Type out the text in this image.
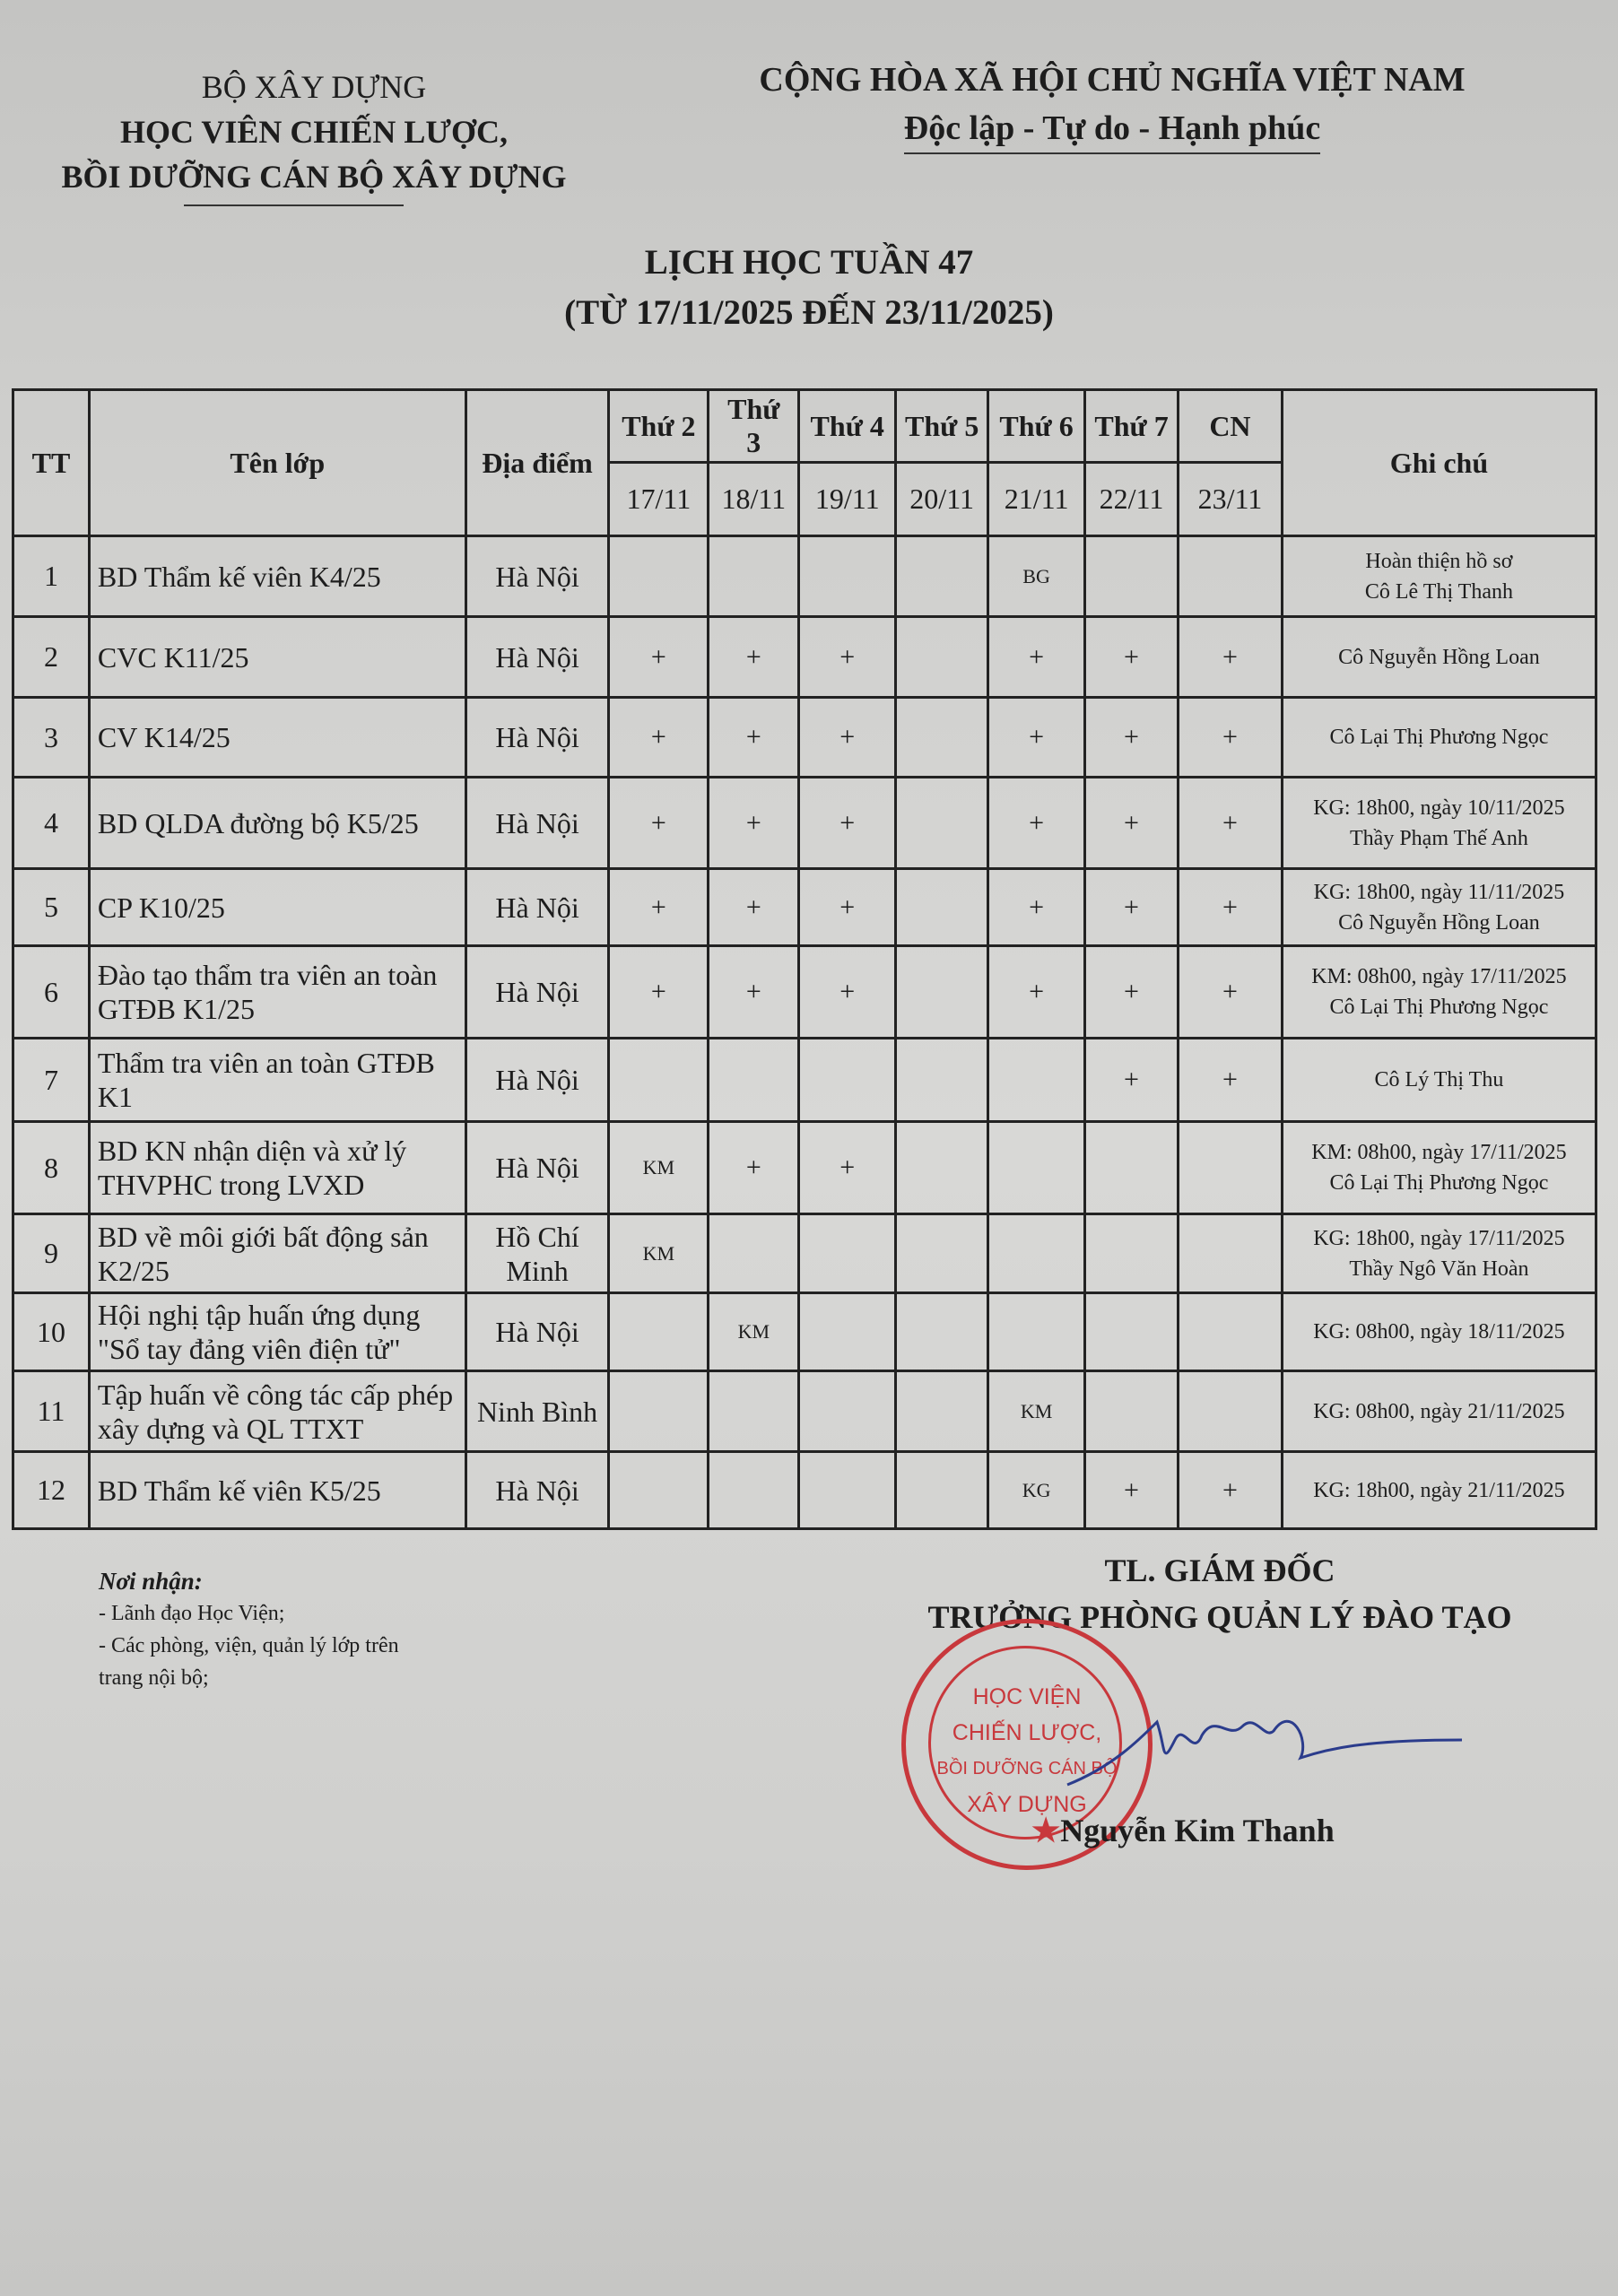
BỘ XÂY DỰNG
HỌC VIÊN CHIẾN LƯỢC,
BỒI DƯỠNG CÁN BỘ XÂY DỰNG
CỘNG HÒA XÃ HỘI CHỦ NGHĨA VIỆT NAM
Độc lập - Tự do - Hạnh phúc
LỊCH HỌC TUẦN 47
(TỪ 17/11/2025 ĐẾN 23/11/2025)
TT	Tên lớp	Địa điểm	Thứ 2	Thứ 3	Thứ 4	Thứ 5	Thứ 6	Thứ 7	CN	Ghi chú
			17/11	18/11	19/11	20/11	21/11	22/11	23/11	
1	BD Thẩm kế viên K4/25	Hà Nội					BG			Hoàn thiện hồ sơ
Cô Lê Thị Thanh

2	CVC K11/25	Hà Nội	+	+	+		+	+	+	Cô Nguyễn Hồng Loan

3	CV K14/25	Hà Nội	+	+	+		+	+	+	Cô Lại Thị Phương Ngọc

4	BD QLDA đường bộ K5/25	Hà Nội	+	+	+		+	+	+	KG: 18h00, ngày 10/11/2025
Thầy Phạm Thế Anh

5	CP K10/25	Hà Nội	+	+	+		+	+	+	KG: 18h00, ngày 11/11/2025
Cô Nguyễn Hồng Loan

6	Đào tạo thẩm tra viên an toàn GTĐB K1/25	Hà Nội	+	+	+		+	+	+	KM: 08h00, ngày 17/11/2025
Cô Lại Thị Phương Ngọc

7	Thẩm tra viên an toàn GTĐB K1	Hà Nội						+	+	Cô Lý Thị Thu

8	BD KN nhận diện và xử lý THVPHC trong LVXD	Hà Nội	KM	+	+					KM: 08h00, ngày 17/11/2025
Cô Lại Thị Phương Ngọc

9	BD về môi giới bất động sản K2/25	Hồ Chí Minh	KM							KG: 18h00, ngày 17/11/2025
Thầy Ngô Văn Hoàn

10	Hội nghị tập huấn ứng dụng "Sổ tay đảng viên điện tử"	Hà Nội		KM						KG: 08h00, ngày 18/11/2025

11	Tập huấn về công tác cấp phép xây dựng và QL TTXT	Ninh Bình					KM			KG: 08h00, ngày 21/11/2025

12	BD Thẩm kế viên K5/25	Hà Nội					KG	+	+	KG: 18h00, ngày 21/11/2025
Nơi nhận:
- Lãnh đạo Học Viện;
- Các phòng, viện, quản lý lớp trên
trang nội bộ;
TL. GIÁM ĐỐC
TRƯỞNG PHÒNG QUẢN LÝ ĐÀO TẠO
HỌC VIỆN
CHIẾN LƯỢC,
BỒI DƯỠNG CÁN BỘ
XÂY DỰNG
★Nguyễn Kim Thanh
